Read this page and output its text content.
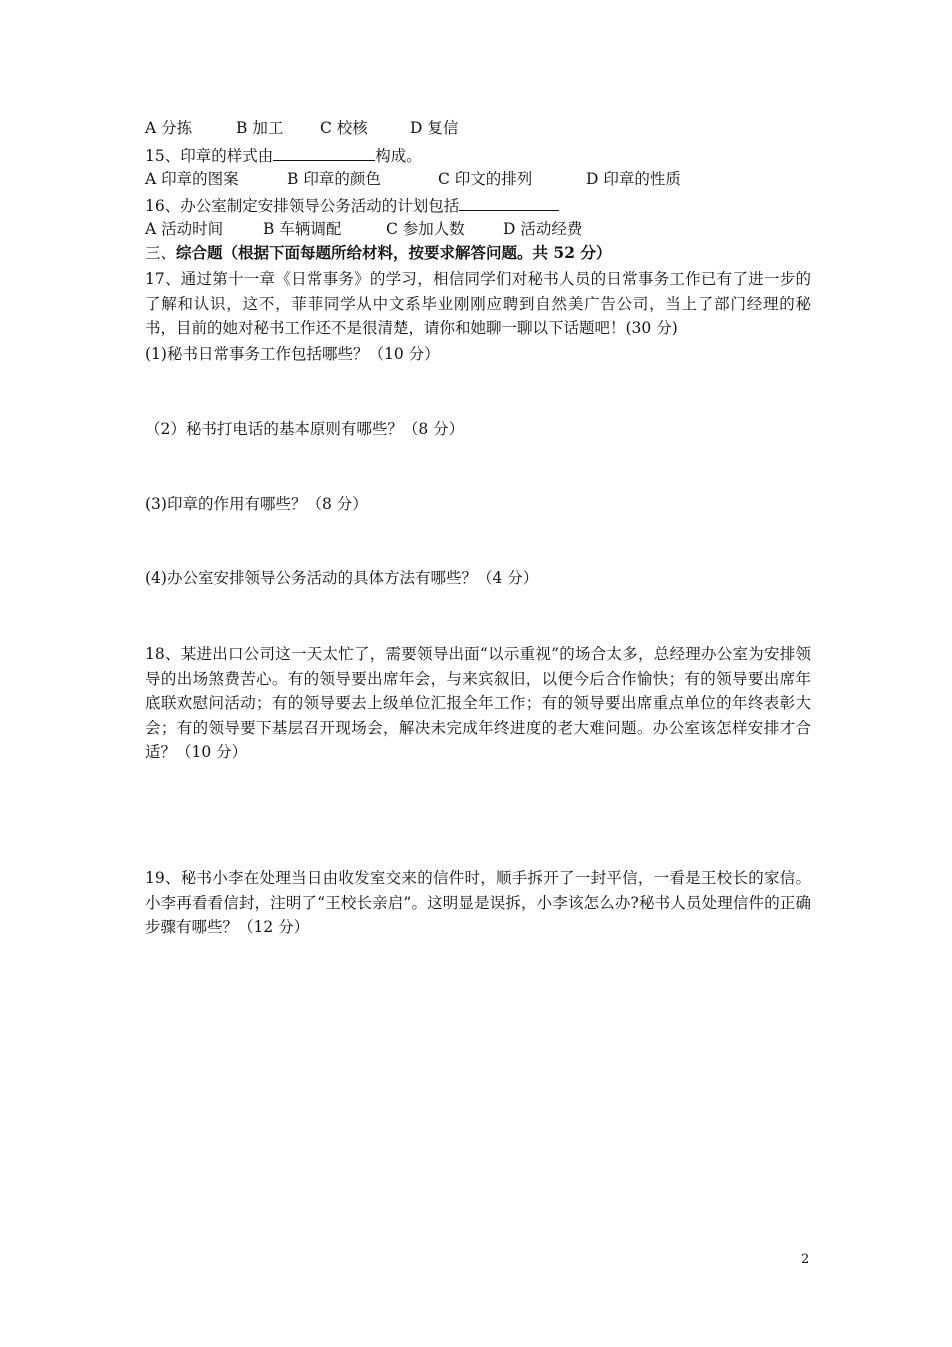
A 分拣	B 加工 C 校核	D 复信
15、印章的样式由	构成。
A 印章的图案	B 印章的颜色	C 印文的排列	D 印章的性质
16、办公室制定安排领导公务活动的计划包括
A 活动时间	B 车辆调配	C 参加人数 D 活动经费
三、综合题（根据下面每题所给材料，按要求解答问题。共 52 分）
17、通过第十一章《日常事务》的学习，相信同学们对秘书人员的日常事务工作已有了进一步的了解和认识，这不，菲菲同学从中文系毕业刚刚应聘到自然美广告公司，当上了部门经理的秘书，目前的她对秘书工作还不是很清楚，请你和她聊一聊以下话题吧！(30 分)
(1)秘书日常事务工作包括哪些？（10 分）
（2）秘书打电话的基本原则有哪些？（8 分）
(3)印章的作用有哪些？（8 分）
(4)办公室安排领导公务活动的具体方法有哪些？（4 分）
18、某进出口公司这一天太忙了，需要领导出面“以示重视”的场合太多，总经理办公室为安排领导的出场煞费苦心。有的领导要出席年会，与来宾叙旧，以便今后合作愉快；有的领导要出席年底联欢慰问活动；有的领导要去上级单位汇报全年工作；有的领导要出席重点单位的年终表彰大会；有的领导要下基层召开现场会，解决未完成年终进度的老大难问题。办公室该怎样安排才合适？（10 分）
19、秘书小李在处理当日由收发室交来的信件时，顺手拆开了一封平信，一看是王校长的家信。小李再看看信封，注明了“王校长亲启”。这明显是误拆，小李该怎么办?秘书人员处理信件的正确步骤有哪些？（12 分）
2
